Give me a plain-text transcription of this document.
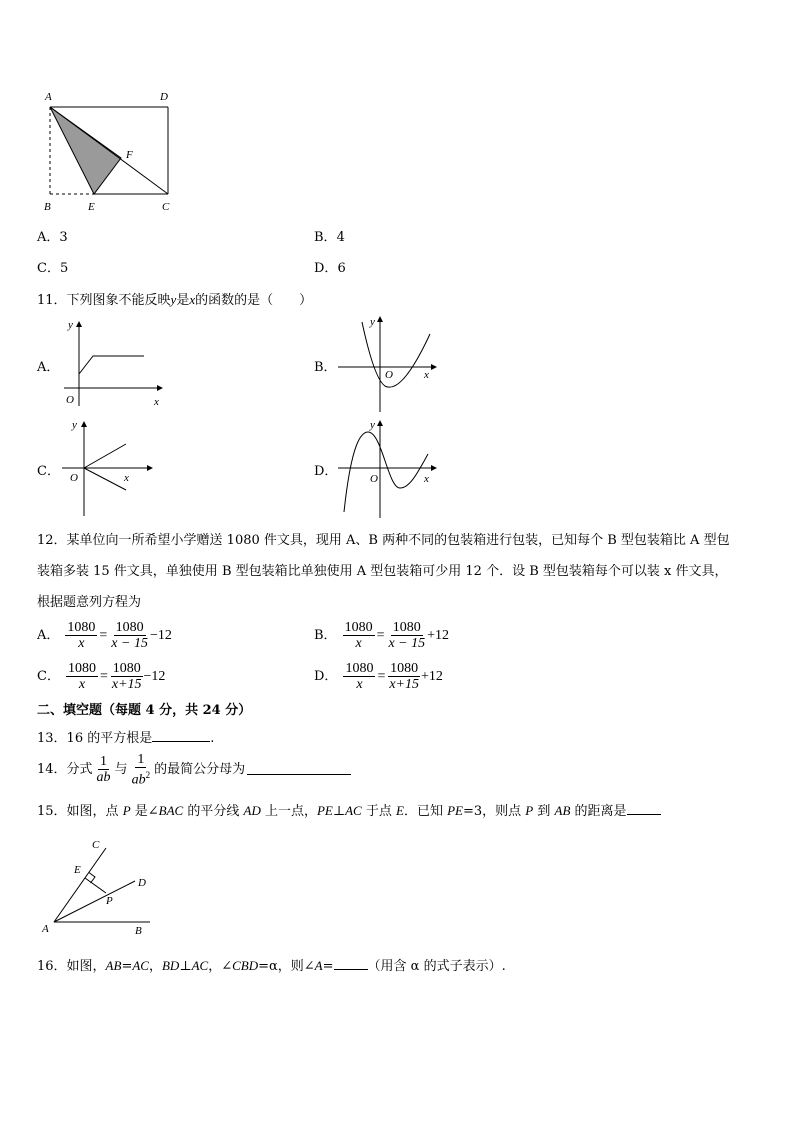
A	D
F
B	E	C
A．3	B．4
C．5	D．6
11．下列图象不能反映y是x的函数的是（　　）
A．
y
O	x
B．
y
O	x
C．
y
O	x	D．
y
O	x
12．某单位向一所希望小学赠送 1080 件文具，现用 A、B 两种不同的包装箱进行包装，已知每个 B 型包装箱比 A 型包
装箱多装 15 件文具，单独使用 B 型包装箱比单独使用 A 型包装箱可少用 12 个．设 B 型包装箱每个可以装 x 件文具，
根据题意列方程为
A． $\frac{1080}{x} = \frac{1080}{x - 15} -12$	B． $\frac{1080}{x} = \frac{1080}{x - 15} +12$
C． $\frac{1080}{x} = \frac{1080}{x+15} -12$	D． $\frac{1080}{x} = \frac{1080}{x+15} +12$
二、填空题（每题 4 分，共 24 分）
13．16 的平方根是	.
14．分式 $\frac{1}{ab}$ 与 $\frac{1}{ab^2}$ 的最简公分母为
15．如图，点 P 是∠BAC 的平分线 AD 上一点，PE⊥AC 于点 E．已知 PE=3，则点 P 到 AB 的距离是
C
E
D
P
A	B
16．如图，AB=AC，BD⊥AC，∠CBD=α，则∠A=	（用含 α 的式子表示）.
